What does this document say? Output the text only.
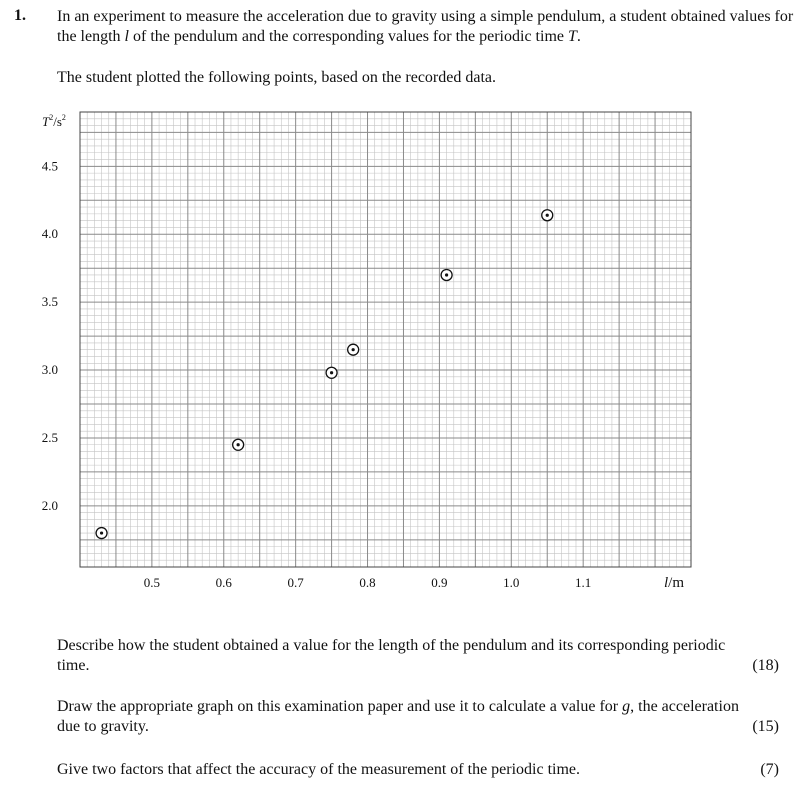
1. In an experiment to measure the acceleration due to gravity using a simple pendulum, a student obtained values for the length l of the pendulum and the corresponding values for the periodic time T.
The student plotted the following points, based on the recorded data.
2.0
2.5
3.0
3.5
4.0
4.5
0.5	0.6	0.7	0.8	0.9	1.0	1.1
$T^2/s^2$
l/m
Describe how the student obtained a value for the length of the pendulum and its corresponding periodic time.	(18)
Draw the appropriate graph on this examination paper and use it to calculate a value for g, the acceleration due to gravity.	(15)
Give two factors that affect the accuracy of the measurement of the periodic time.	(7)
